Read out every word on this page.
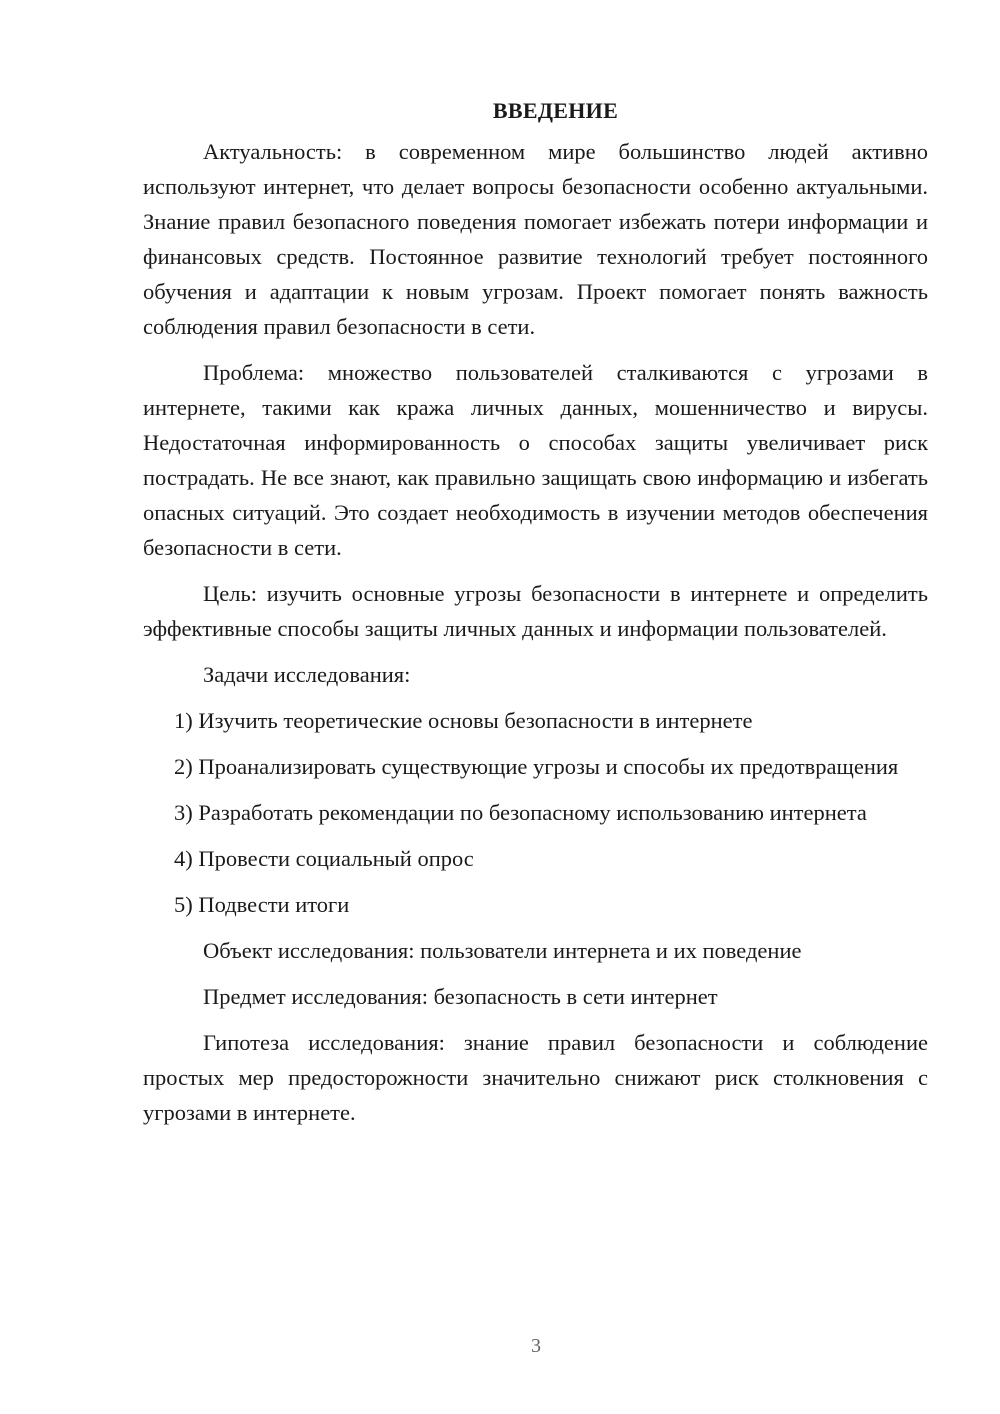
ВВЕДЕНИЕ

Актуальность: в современном мире большинство людей активно используют интернет, что делает вопросы безопасности особенно актуальными. Знание правил безопасного поведения помогает избежать потери информации и финансовых средств. Постоянное развитие технологий требует постоянного обучения и адаптации к новым угрозам. Проект помогает понять важность соблюдения правил безопасности в сети.

Проблема: множество пользователей сталкиваются с угрозами в интернете, такими как кража личных данных, мошенничество и вирусы. Недостаточная информированность о способах защиты увеличивает риск пострадать. Не все знают, как правильно защищать свою информацию и избегать опасных ситуаций. Это создает необходимость в изучении методов обеспечения безопасности в сети.

Цель: изучить основные угрозы безопасности в интернете и определить эффективные способы защиты личных данных и информации пользователей.

Задачи исследования:

1) Изучить теоретические основы безопасности в интернете

2) Проанализировать существующие угрозы и способы их предотвращения

3) Разработать рекомендации по безопасному использованию интернета

4) Провести социальный опрос

5) Подвести итоги

Объект исследования: пользователи интернета и их поведение

Предмет исследования: безопасность в сети интернет

Гипотеза исследования: знание правил безопасности и соблюдение простых мер предосторожности значительно снижают риск столкновения с угрозами в интернете.

3
